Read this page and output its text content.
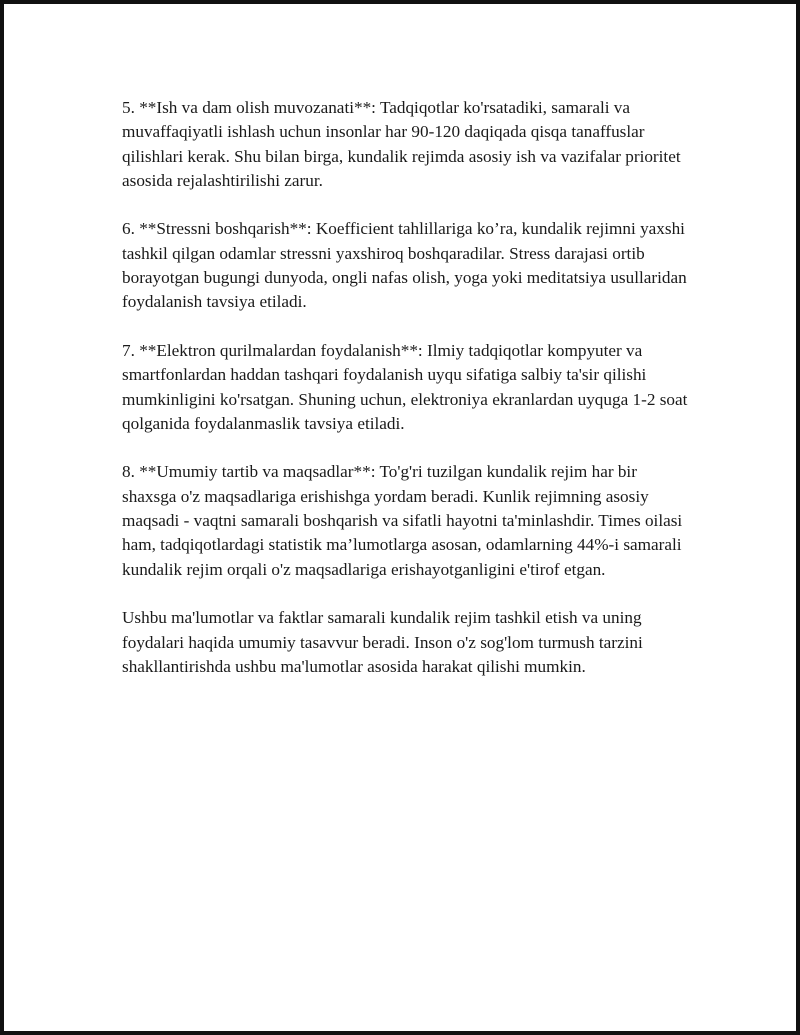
5. **Ish va dam olish muvozanati**: Tadqiqotlar ko'rsatadiki, samarali va muvaffaqiyatli ishlash uchun insonlar har 90-120 daqiqada qisqa tanaffuslar qilishlari kerak. Shu bilan birga, kundalik rejimda asosiy ish va vazifalar prioritet asosida rejalashtirilishi zarur.

6. **Stressni boshqarish**: Koefficient tahlillariga ko’ra, kundalik rejimni yaxshi tashkil qilgan odamlar stressni yaxshiroq boshqaradilar. Stress darajasi ortib borayotgan bugungi dunyoda, ongli nafas olish, yoga yoki meditatsiya usullaridan foydalanish tavsiya etiladi.

7. **Elektron qurilmalardan foydalanish**: Ilmiy tadqiqotlar kompyuter va smartfonlardan haddan tashqari foydalanish uyqu sifatiga salbiy ta'sir qilishi mumkinligini ko'rsatgan. Shuning uchun, elektroniya ekranlardan uyquga 1-2 soat qolganida foydalanmaslik tavsiya etiladi.

8. **Umumiy tartib va maqsadlar**: To'g'ri tuzilgan kundalik rejim har bir shaxsga o'z maqsadlariga erishishga yordam beradi. Kunlik rejimning asosiy maqsadi - vaqtni samarali boshqarish va sifatli hayotni ta'minlashdir. Times oilasi ham, tadqiqotlardagi statistik ma’lumotlarga asosan, odamlarning 44%-i samarali kundalik rejim orqali o'z maqsadlariga erishayotganligini e'tirof etgan.

Ushbu ma'lumotlar va faktlar samarali kundalik rejim tashkil etish va uning foydalari haqida umumiy tasavvur beradi. Inson o'z sog'lom turmush tarzini shakllantirishda ushbu ma'lumotlar asosida harakat qilishi mumkin.
